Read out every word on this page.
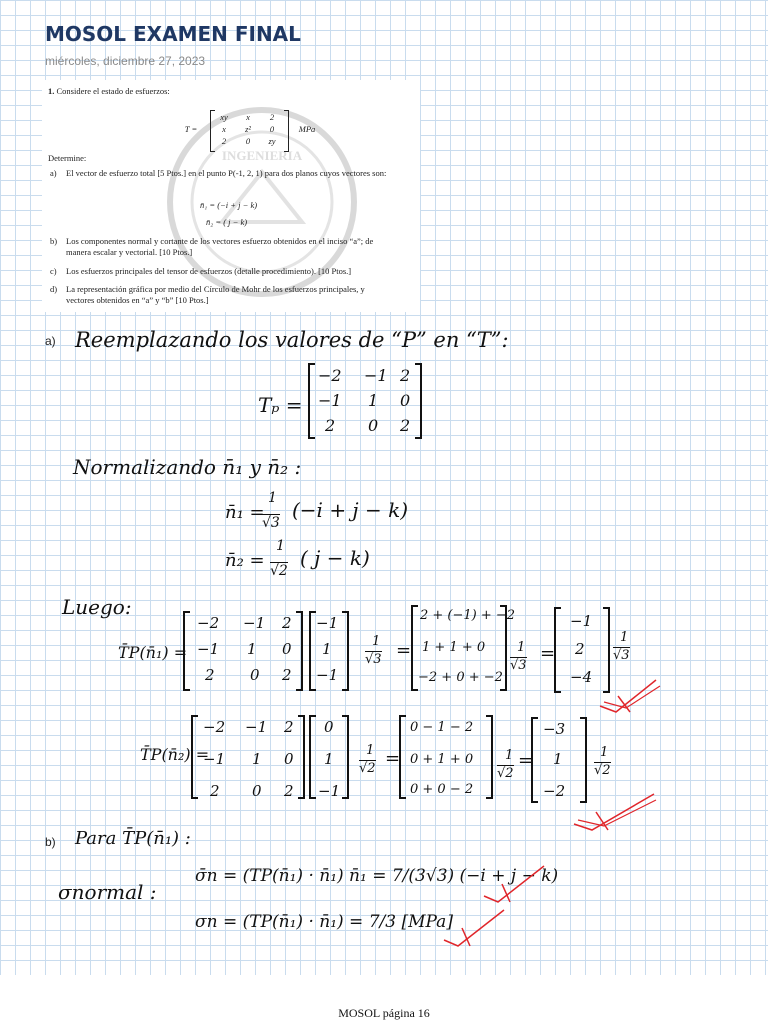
MOSOL EXAMEN FINAL
miércoles, diciembre 27, 2023
INGENIERIA
1. Considere el estado de esfuerzos:
T =
xy	x	2
x	z²	0
2	0	zy
MPa
Determine:
a)	El vector de esfuerzo total [5 Ptos.] en el punto P(-1, 2, 1) para dos planos cuyos vectores son:
n̄₁ = (−i + j − k)
n̄₂ = ( j − k)
b)	Los componentes normal y cortante de los vectores esfuerzo obtenidos en el inciso “a”; de manera escalar y vectorial. [10 Ptos.]
c)	Los esfuerzos principales del tensor de esfuerzos (detalle procedimiento). [10 Ptos.]
d)	La representación gráfica por medio del Círculo de Mohr de los esfuerzos principales, y vectores obtenidos en “a” y “b” [10 Ptos.]
a) Reemplazando los valores de “P” en “T”:
Tₚ =
−2 −1 2
−1 1 0
2 0 2
Normalizando n̄₁ y n̄₂ :
n̄₁ =
1
√3
(−i + j − k)
n̄₂ =
1
√2
( j − k)
Luego:
T̄P(n̄₁) =
−2 −1 2
−1 1 0
2 0 2
−1
1
−1
1
√3 =
2 + (−1) + −2
1 + 1 + 0
−2 + 0 + −2
1
√3
=
−1
2
−4
1
√3
T̄P(n̄₂) =
−2 −1 2
−1 1 0
2 0 2
0
1
−1
1
√2 =
0 − 1 − 2
0 + 1 + 0
0 + 0 − 2
1
√2
=
−3
1
−2
1
√2
b) Para T̄P(n̄₁) :
σnormal :
σ̄n = (TP(n̄₁) · n̄₁) n̄₁ = 7/(3√3) (−i + j − k)
σn = (TP(n̄₁) · n̄₁) = 7/3 [MPa]
MOSOL página 16
